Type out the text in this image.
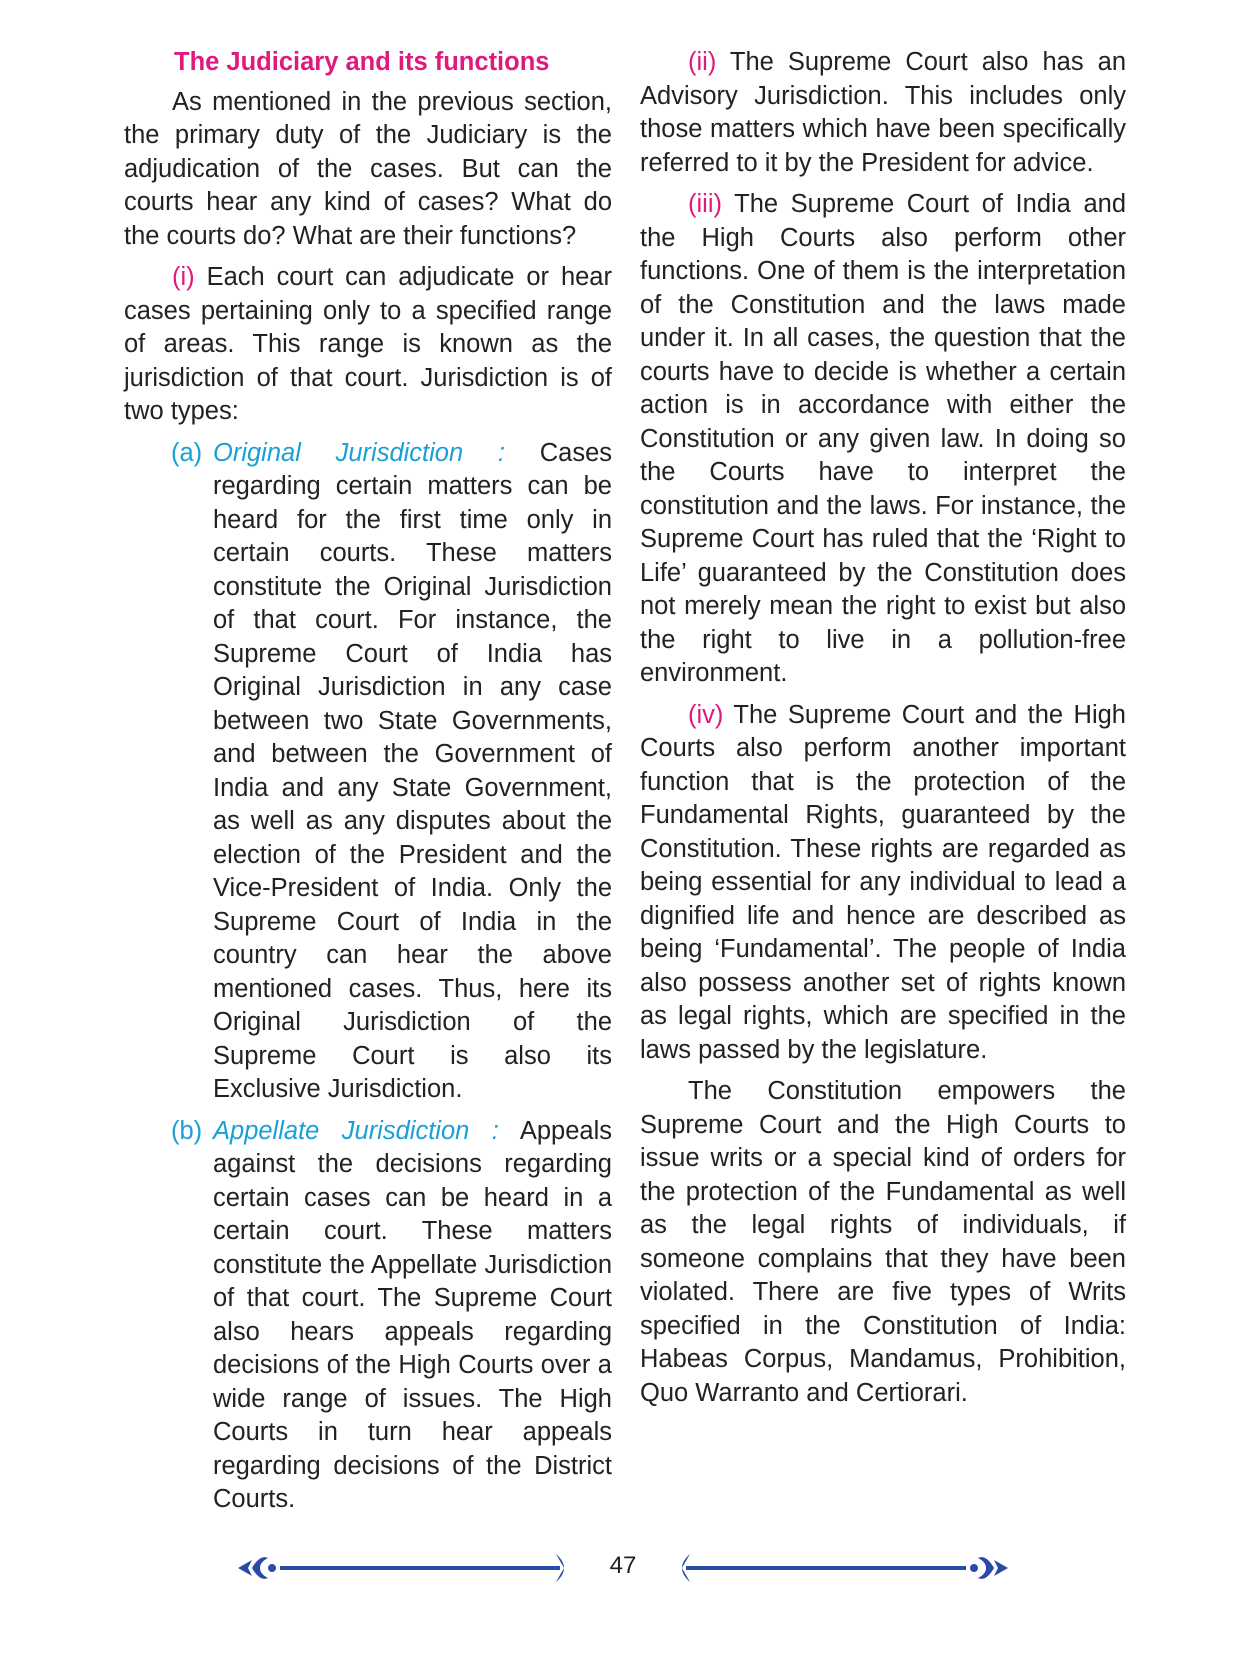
The Judiciary and its functions

As mentioned in the previous section, the primary duty of the Judiciary is the adjudication of the cases. But can the courts hear any kind of cases? What do the courts do? What are their functions?

(i) Each court can adjudicate or hear cases pertaining only to a specified range of areas. This range is known as the jurisdiction of that court. Jurisdiction is of two types:

(a) Original Jurisdiction : Cases regarding certain matters can be heard for the first time only in certain courts. These matters constitute the Original Jurisdiction of that court. For instance, the Supreme Court of India has Original Jurisdiction in any case between two State Governments, and between the Government of India and any State Government, as well as any disputes about the election of the President and the Vice-President of India. Only the Supreme Court of India in the country can hear the above mentioned cases. Thus, here its Original Jurisdiction of the Supreme Court is also its Exclusive Jurisdiction.
(b) Appellate Jurisdiction : Appeals against the decisions regarding certain cases can be heard in a certain court. These matters constitute the Appellate Jurisdiction of that court. The Supreme Court also hears appeals regarding decisions of the High Courts over a wide range of issues. The High Courts in turn hear appeals regarding decisions of the District Courts.

(ii) The Supreme Court also has an Advisory Jurisdiction. This includes only those matters which have been specifically referred to it by the President for advice.

(iii) The Supreme Court of India and the High Courts also perform other functions. One of them is the interpretation of the Constitution and the laws made under it. In all cases, the question that the courts have to decide is whether a certain action is in accordance with either the Constitution or any given law. In doing so the Courts have to interpret the constitution and the laws. For instance, the Supreme Court has ruled that the ‘Right to Life’ guaranteed by the Constitution does not merely mean the right to exist but also the right to live in a pollution-free environment.

(iv) The Supreme Court and the High Courts also perform another important function that is the protection of the Fundamental Rights, guaranteed by the Constitution. These rights are regarded as being essential for any individual to lead a dignified life and hence are described as being ‘Fundamental’. The people of India also possess another set of rights known as legal rights, which are specified in the laws passed by the legislature.

The Constitution empowers the Supreme Court and the High Courts to issue writs or a special kind of orders for the protection of the Fundamental as well as the legal rights of individuals, if someone complains that they have been violated. There are five types of Writs specified in the Constitution of India: Habeas Corpus, Mandamus, Prohibition, Quo Warranto and Certiorari.

47
